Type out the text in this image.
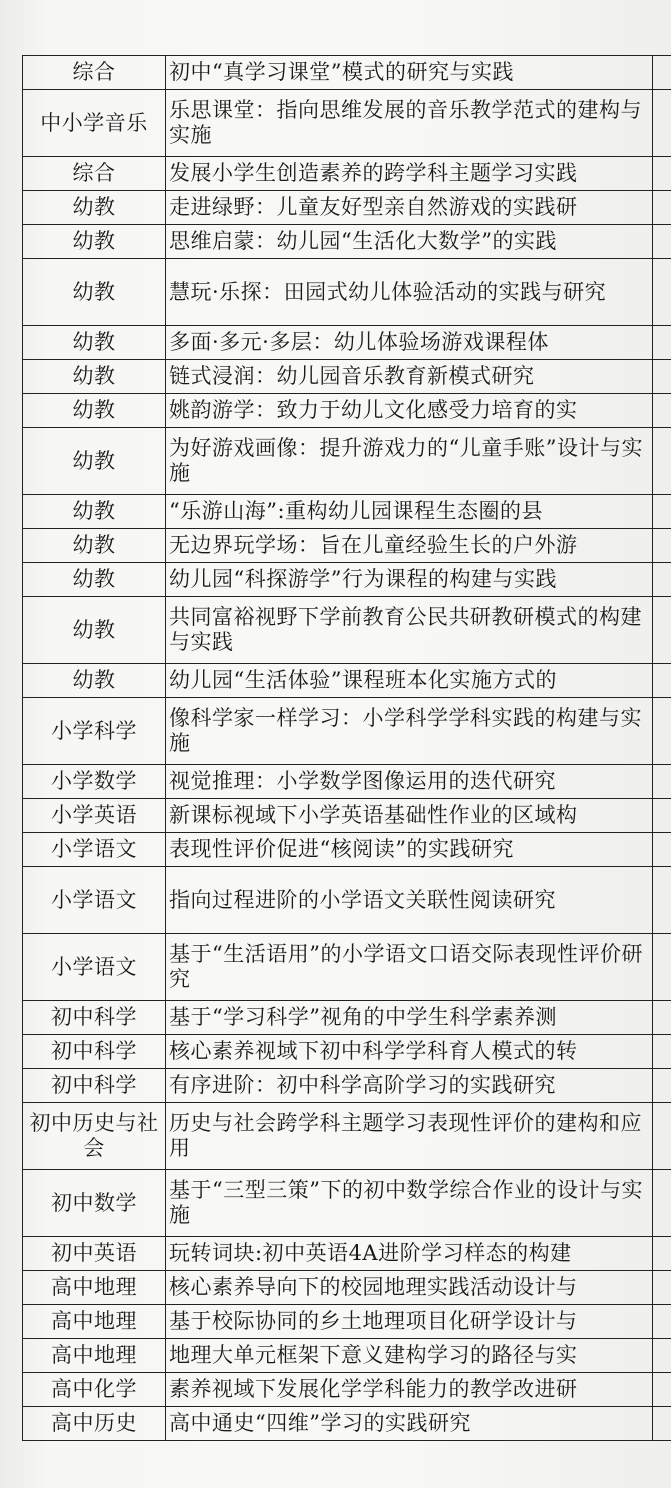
综合	初中“真学习课堂”模式的研究与实践	
中小学音乐	乐思课堂：指向思维发展的音乐教学范式的建构与实施	
综合	发展小学生创造素养的跨学科主题学习实践	
幼教	走进绿野：儿童友好型亲自然游戏的实践研	
幼教	思维启蒙：幼儿园“生活化大数学”的实践	
幼教	慧玩·乐探：田园式幼儿体验活动的实践与研究	
幼教	多面·多元·多层：幼儿体验场游戏课程体	
幼教	链式浸润：幼儿园音乐教育新模式研究	
幼教	姚韵游学：致力于幼儿文化感受力培育的实	
幼教	为好游戏画像：提升游戏力的“儿童手账”设计与实施	
幼教	“乐游山海”:重构幼儿园课程生态圈的县	
幼教	无边界玩学场：旨在儿童经验生长的户外游	
幼教	幼儿园“科探游学”行为课程的构建与实践	
幼教	共同富裕视野下学前教育公民共研教研模式的构建与实践	
幼教	幼儿园“生活体验”课程班本化实施方式的	
小学科学	像科学家一样学习：小学科学学科实践的构建与实施	
小学数学	视觉推理：小学数学图像运用的迭代研究	
小学英语	新课标视域下小学英语基础性作业的区域构	
小学语文	表现性评价促进“核阅读”的实践研究	
小学语文	指向过程进阶的小学语文关联性阅读研究	
小学语文	基于“生活语用”的小学语文口语交际表现性评价研究	
初中科学	基于“学习科学”视角的中学生科学素养测	
初中科学	核心素养视域下初中科学学科育人模式的转	
初中科学	有序进阶：初中科学高阶学习的实践研究	
初中历史与社会	历史与社会跨学科主题学习表现性评价的建构和应用	
初中数学	基于“三型三策”下的初中数学综合作业的设计与实施	
初中英语	玩转词块:初中英语4A进阶学习样态的构建	
高中地理	核心素养导向下的校园地理实践活动设计与	
高中地理	基于校际协同的乡土地理项目化研学设计与	
高中地理	地理大单元框架下意义建构学习的路径与实	
高中化学	素养视域下发展化学学科能力的教学改进研	
高中历史	高中通史“四维”学习的实践研究	
